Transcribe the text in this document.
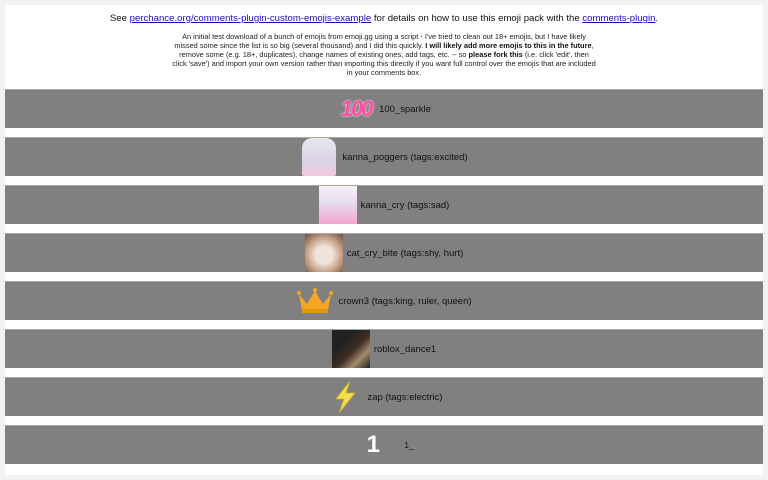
See perchance.org/comments-plugin-custom-emojis-example for details on how to use this emoji pack with the comments-plugin.
An initial test download of a bunch of emojis from emoji.gg using a script - I've tried to clean out 18+ emojis, but I have likely missed some since the list is so big (several thousand) and I did this quickly. I will likely add more emojis to this in the future, remove some (e.g. 18+, duplicates), change names of existing ones, add tags, etc. -- so please fork this (i.e. click 'edit', then click 'save') and import your own version rather than importing this directly if you want full control over the emojis that are included in your comments box.
100 100_sparkle
kanna_poggers (tags:excited)
kanna_cry (tags:sad)
cat_cry_bite (tags:shy, hurt)
crown3 (tags:king, ruler, queen)
roblox_dance1
zap (tags:electric)
1	1_
